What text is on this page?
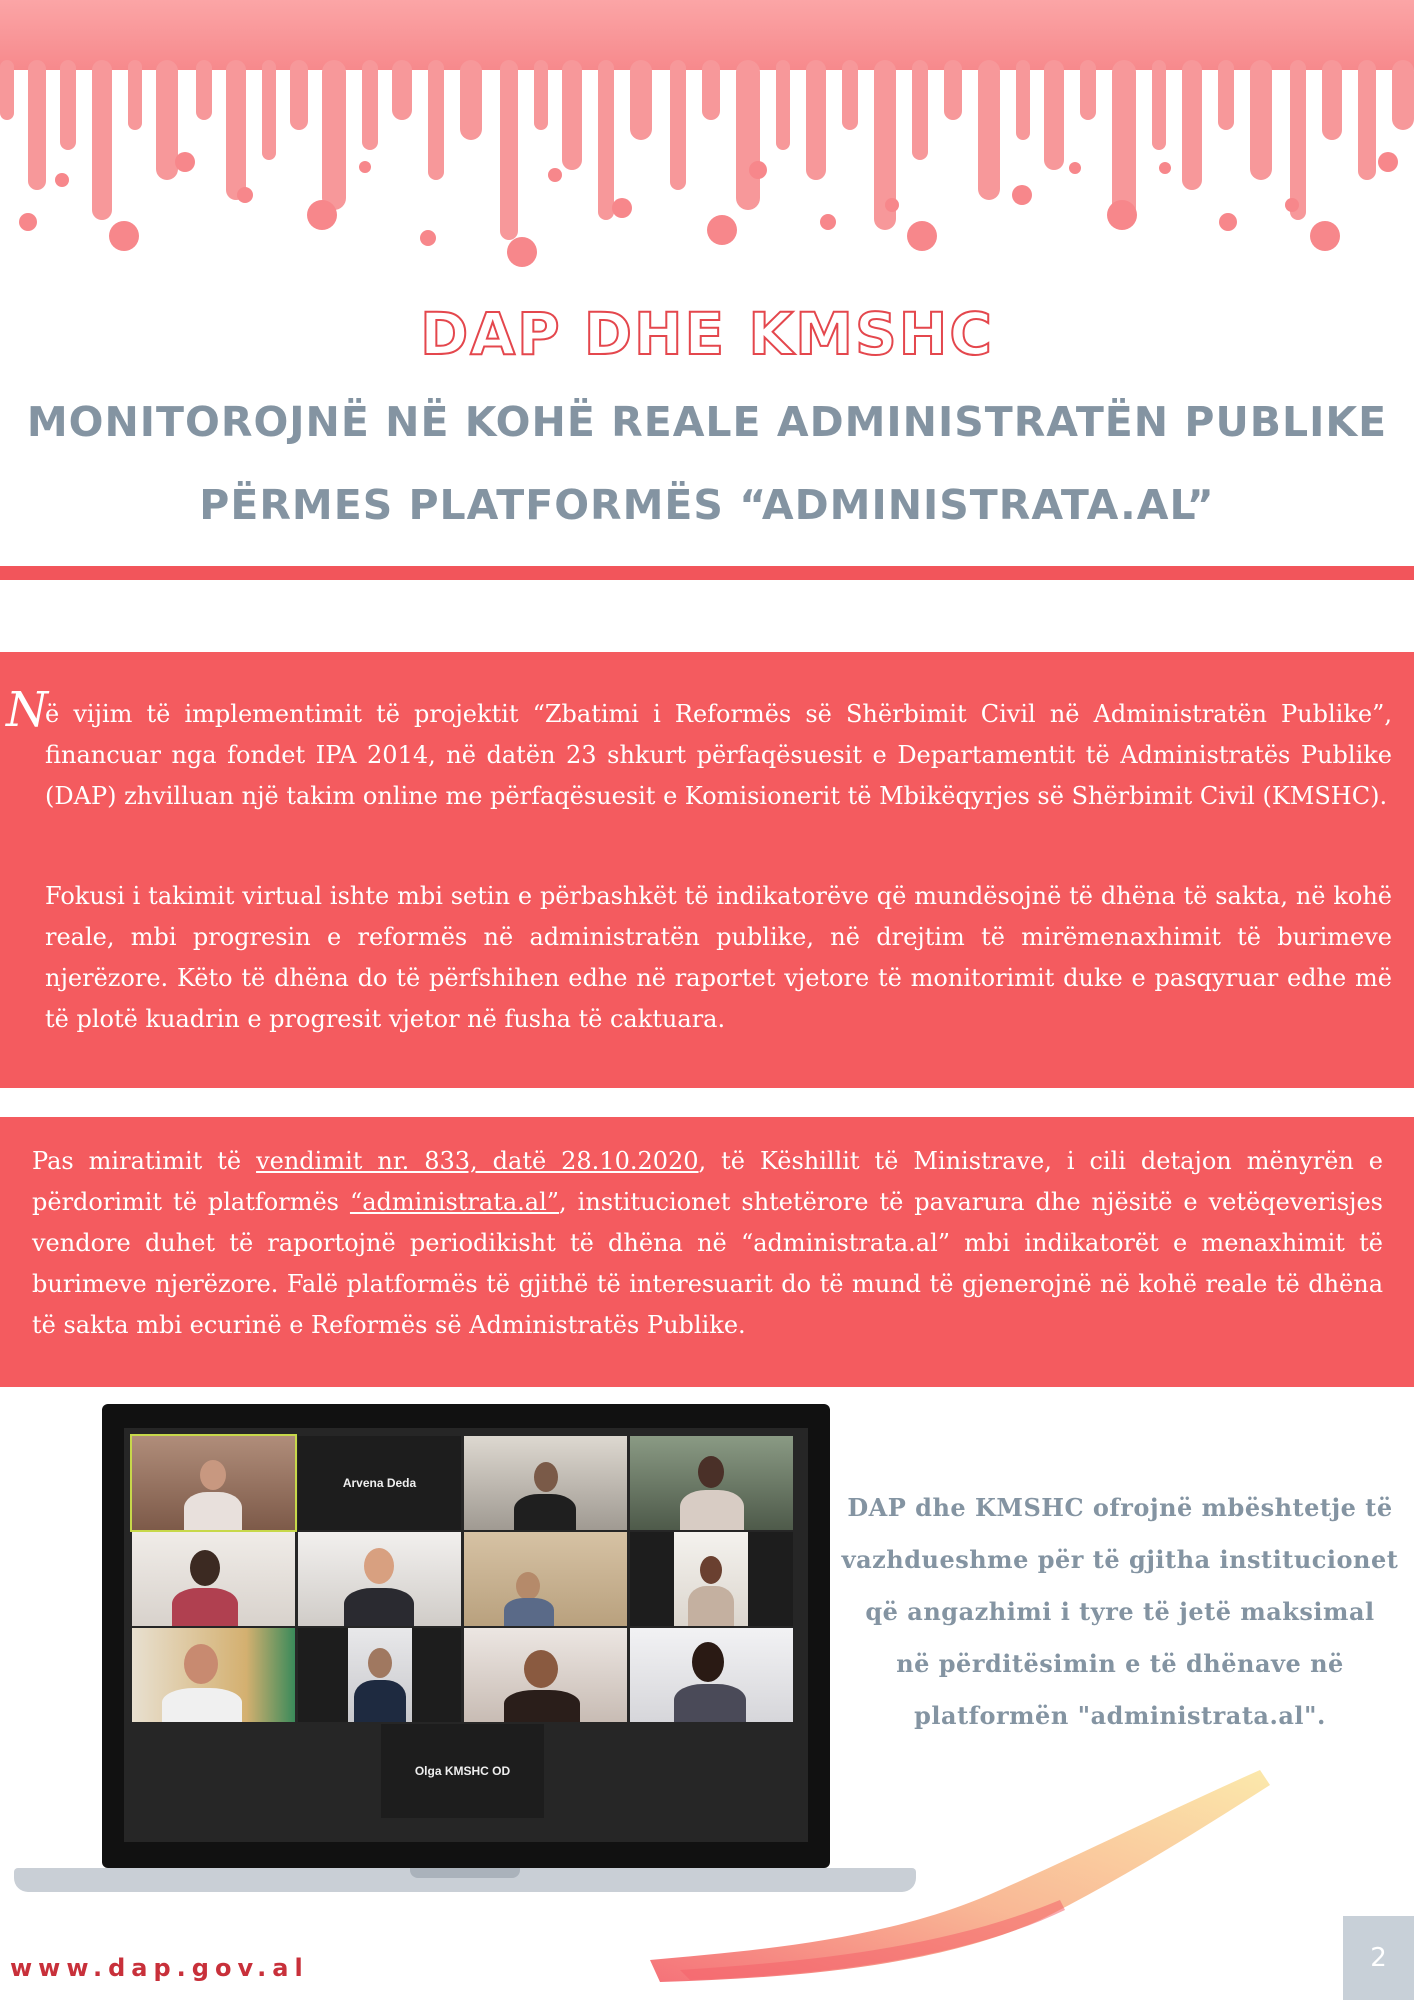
DAP DHE KMSHC
MONITOROJNË NË KOHË REALE ADMINISTRATËN PUBLIKE
PËRMES PLATFORMËS “ADMINISTRATA.AL”
N

ë vijim të implementimit të projektit “Zbatimi i Reformës së Shërbimit Civil në Administratën Publike”, financuar nga fondet IPA 2014, në datën 23 shkurt përfaqësuesit e Departamentit të Administratës Publike (DAP) zhvilluan një takim online me përfaqësuesit e Komisionerit të Mbikëqyrjes së Shërbimit Civil (KMSHC).

Fokusi i takimit virtual ishte mbi setin e përbashkët të indikatorëve që mundësojnë të dhëna të sakta, në kohë reale, mbi progresin e reformës në administratën publike, në drejtim të mirëmenaxhimit të burimeve njerëzore. Këto të dhëna do të përfshihen edhe në raportet vjetore të monitorimit duke e pasqyruar edhe më të plotë kuadrin e progresit vjetor në fusha të caktuara.

Pas miratimit të vendimit nr. 833, datë 28.10.2020, të Këshillit të Ministrave, i cili detajon mënyrën e përdorimit të platformës “administrata.al”, institucionet shtetërore të pavarura dhe njësitë e vetëqeverisjes vendore duhet të raportojnë periodikisht të dhëna në “administrata.al” mbi indikatorët e menaxhimit të burimeve njerëzore. Falë platformës të gjithë të interesuarit do të mund të gjenerojnë në kohë reale të dhëna të sakta mbi ecurinë e Reformës së Administratës Publike.

Arvena Deda
Olga KMSHC OD
DAP dhe KMSHC ofrojnë mbështetje të
vazhdueshme për të gjitha institucionet
që angazhimi i tyre të jetë maksimal
në përditësimin e të dhënave në
platformën "administrata.al".
www.dap.gov.al	2
